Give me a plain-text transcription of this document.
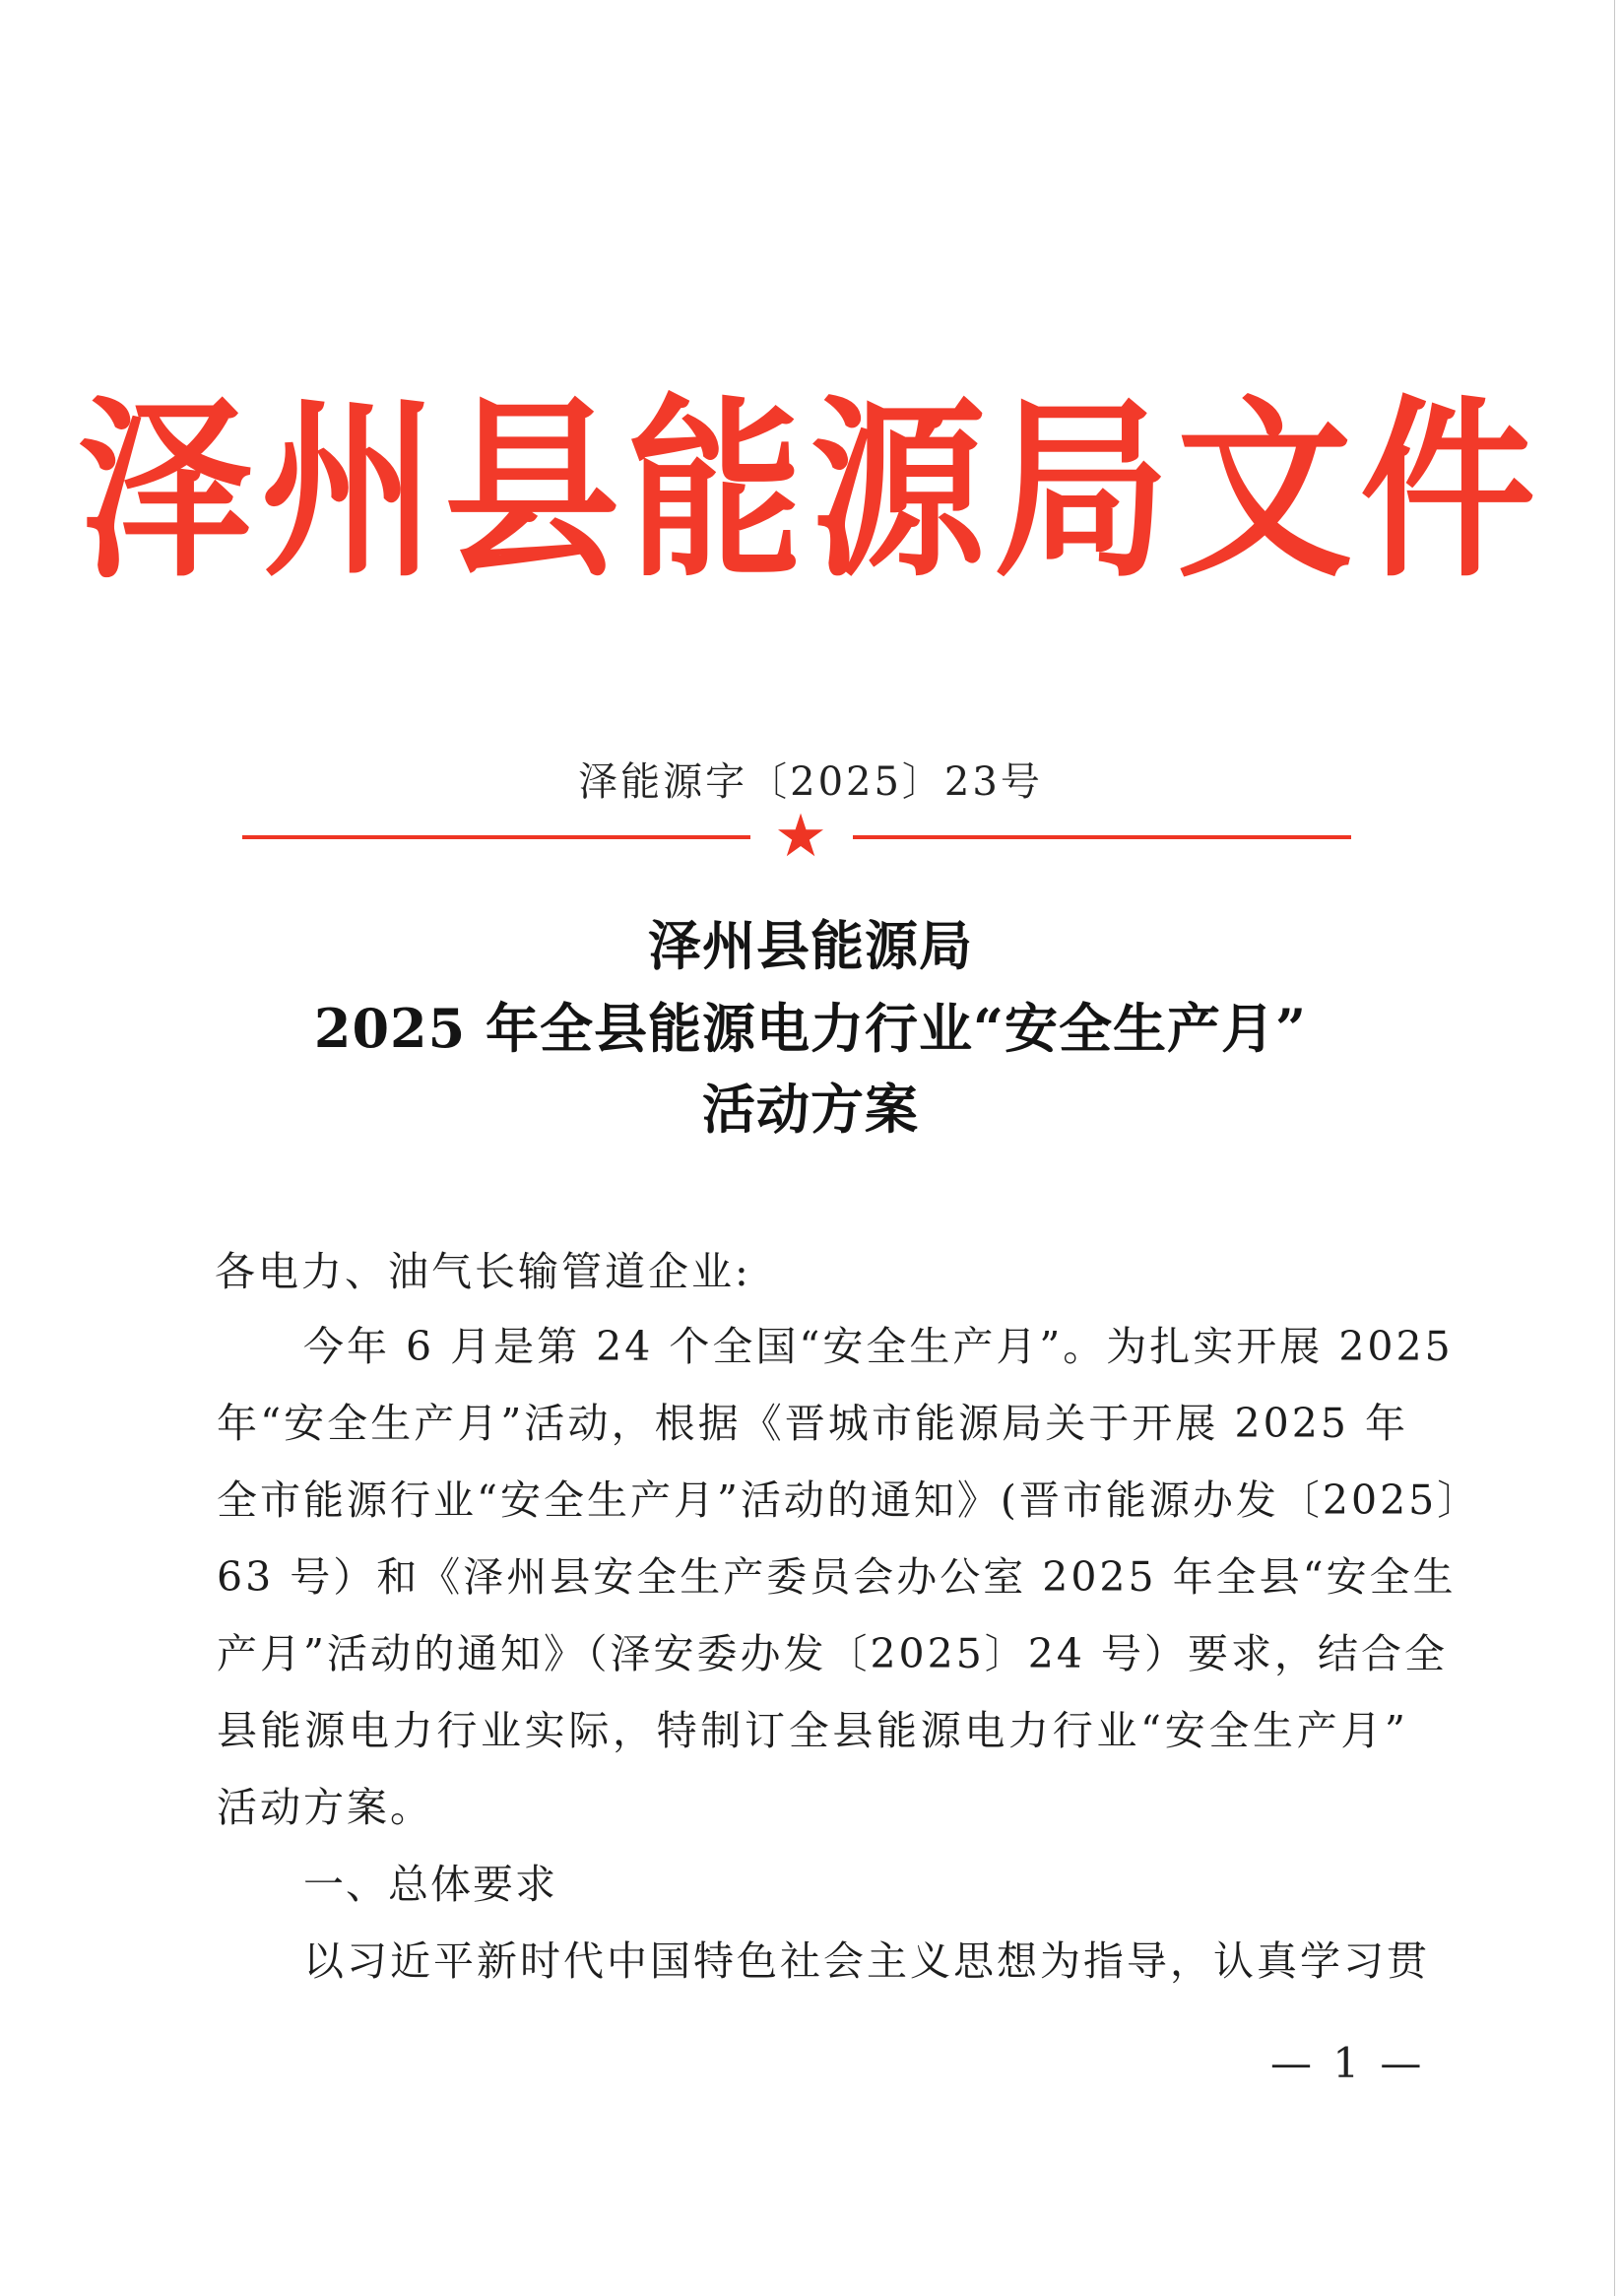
泽州县能源局文件
泽能源字〔2025〕23号
★
泽州县能源局
2025 年全县能源电力行业“安全生产月”
活动方案
各电力、油气长输管道企业:
今年 6 月是第 24 个全国“安全生产月”。为扎实开展 2025
年“安全生产月”活动，根据《晋城市能源局关于开展 2025 年
全市能源行业“安全生产月”活动的通知》(晋市能源办发〔2025〕
63 号）和《泽州县安全生产委员会办公室 2025 年全县“安全生
产月”活动的通知》（泽安委办发〔2025〕24 号）要求，结合全
县能源电力行业实际，特制订全县能源电力行业“安全生产月”
活动方案。
一、总体要求
以习近平新时代中国特色社会主义思想为指导，认真学习贯
— 1 —
